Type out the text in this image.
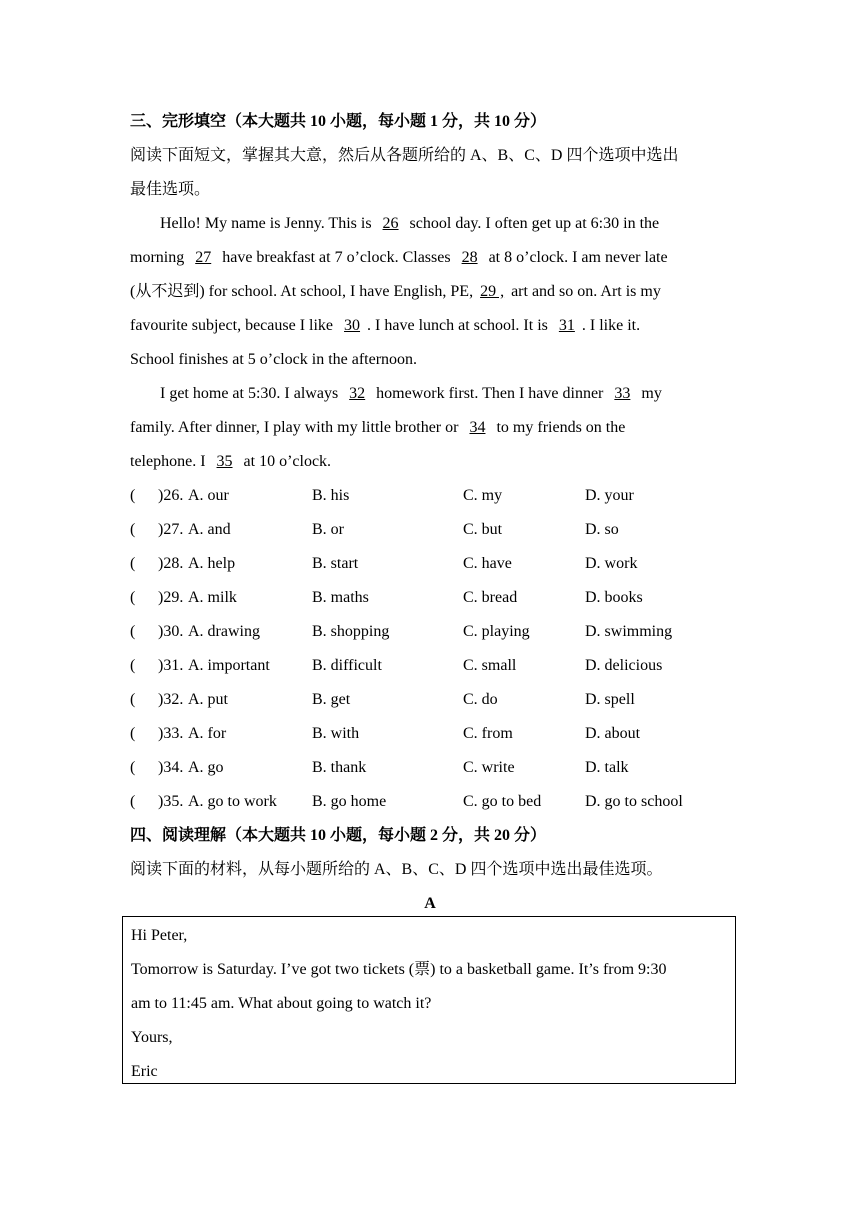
三、完形填空（本大题共 10 小题，每小题 1 分，共 10 分）
阅读下面短文，掌握其大意，然后从各题所给的 A、B、C、D 四个选项中选出
最佳选项。
Hello! My name is Jenny. This is 26 school day. I often get up at 6:30 in the
morning 27 have breakfast at 7 o’clock. Classes 28 at 8 o’clock. I am never late
(从不迟到) for school. At school, I have English, PE, 29 , art and so on. Art is my
favourite subject, because I like 30 . I have lunch at school. It is 31 . I like it.
School finishes at 5 o’clock in the afternoon.
I get home at 5:30. I always 32 homework first. Then I have dinner 33 my
family. After dinner, I play with my little brother or 34 to my friends on the
telephone. I 35 at 10 o’clock.
( )26. A. our	B. his	C. my	D. your
( )27. A. and	B. or	C. but	D. so
( )28. A. help	B. start	C. have	D. work
( )29. A. milk	B. maths	C. bread	D. books
( )30. A. drawing	B. shopping	C. playing	D. swimming
( )31. A. important	B. difficult	C. small	D. delicious
( )32. A. put	B. get	C. do	D. spell
( )33. A. for	B. with	C. from	D. about
( )34. A. go	B. thank	C. write	D. talk
( )35. A. go to work B. go home	C. go to bed	D. go to school
四、阅读理解（本大题共 10 小题，每小题 2 分，共 20 分）
阅读下面的材料，从每小题所给的 A、B、C、D 四个选项中选出最佳选项。
A
Hi Peter,
Tomorrow is Saturday. I’ve got two tickets (票) to a basketball game. It’s from 9:30
am to 11:45 am. What about going to watch it?
Yours,
Eric
